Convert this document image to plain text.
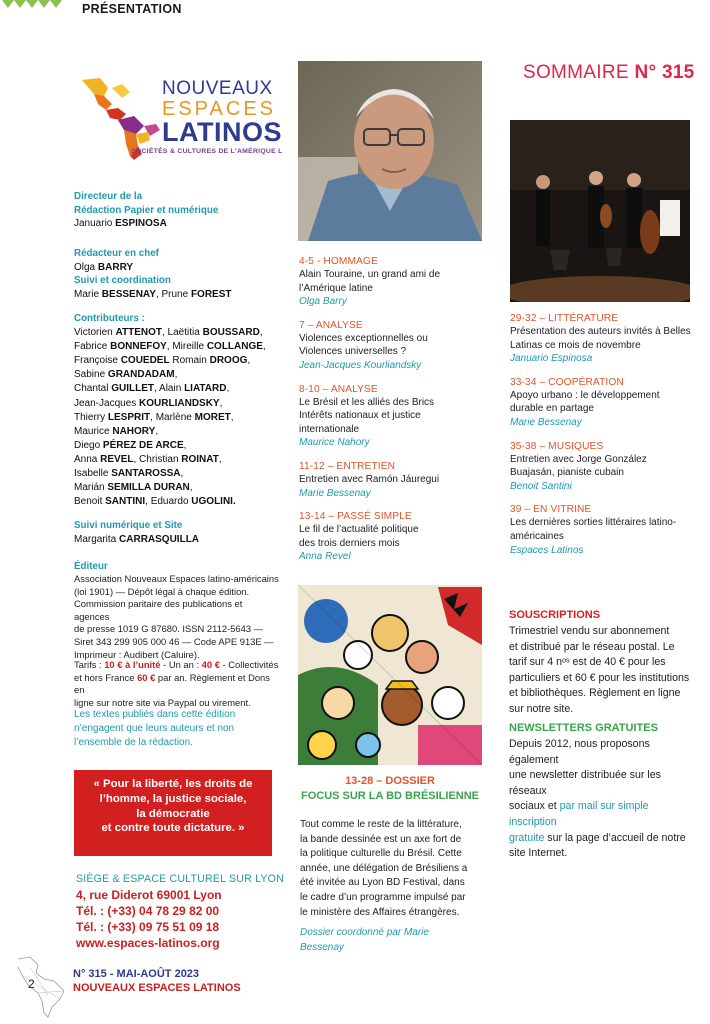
PRÉSENTATION
NOUVEAUX
ESPACES
LATINOS
SOCIÉTÉS & CULTURES DE L’AMÉRIQUE L
Directeur de la
Rédaction Papier et numérique
Januario ESPINOSA
Rédacteur en chef
Olga BARRY
Suivi et coordination
Marie BESSENAY, Prune FOREST
Contributeurs :
Victorien ATTENOT, Laëtitia BOUSSARD,
Fabrice BONNEFOY, Mireille COLLANGE,
Françoise COUEDEL Romain DROOG,
Sabine GRANDADAM,
Chantal GUILLET, Alain LIATARD,
Jean-Jacques KOURLIANDSKY,
Thierry LESPRIT, Marlène MORET,
Maurice NAHORY,
Diego PÉREZ DE ARCE,
Anna REVEL, Christian ROINAT,
Isabelle SANTAROSSA,
Marián SEMILLA DURAN,
Benoit SANTINI, Eduardo UGOLINI.
Suivi numérique et Site
Margarita CARRASQUILLA
Éditeur
Association Nouveaux Espaces latino-américains
(loi 1901) — Dépôt légal à chaque édition.
Commission paritaire des publications et agences
de presse 1019 G 87680. ISSN 2112-5643 —
Siret 343 299 905 000 46 — Code APE 913E —
Imprimeur : Audibert (Caluire).
Tarifs : 10 € à l’unité - Un an : 40 € - Collectivités
et hors France 60 € par an. Règlement et Dons en
ligne sur notre site via Paypal ou virement.
Les textes publiés dans cette édition
n’engagent que leurs auteurs et non
l’ensemble de la rédaction.
« Pour la liberté, les droits de
l’homme, la justice sociale,
la démocratie
et contre toute dictature. »
SIÈGE & ESPACE CULTUREL SUR LYON
4, rue Diderot 69001 Lyon
Tél. : (+33) 04 78 29 82 00
Tél. : (+33) 09 75 51 09 18
www.espaces-latinos.org
2
N° 315 - MAI-AOÛT 2023
NOUVEAUX ESPACES LATINOS
4-5 - HOMMAGE
Alain Touraine, un grand ami de
l’Amérique latine
Olga Barry
7 – ANALYSE
Violences exceptionnelles ou
Violences universelles ?
Jean-Jacques Kourliandsky
8-10 – ANALYSE
Le Brésil et les alliés des Brics
Intérêts nationaux et justice
internationale
Maurice Nahory
11-12 – ENTRETIEN
Entretien avec Ramón Jáuregui
Marie Bessenay
13-14 – PASSÉ SIMPLE
Le fil de l’actualité politique
des trois derniers mois
Anna Revel
13-28 – DOSSIER
FOCUS SUR LA BD BRÉSILIENNE
Tout comme le reste de la littérature,
la bande dessinée est un axe fort de
la politique culturelle du Brésil. Cette
année, une délégation de Brésiliens a
été invitée au Lyon BD Festival, dans
le cadre d’un programme impulsé par
le ministère des Affaires étrangères.
Dossier coordonné par Marie
Bessenay
SOMMAIRE N° 315
29-32 – LITTÉRATURE
Présentation des auteurs invités à Belles
Latinas ce mois de novembre
Januario Espinosa
33-34 – COOPÉRATION
Apoyo urbano : le développement
durable en partage
Marie Bessenay
35-38 – MUSIQUES
Entretien avec Jorge González
Buajasán, pianiste cubain
Benoit Santini
39 – EN VITRINE
Les dernières sorties littéraires latino-
américaines
Espaces Latinos
SOUSCRIPTIONS
Trimestriel vendu sur abonnement
et distribué par le réseau postal. Le
tarif sur 4 nᵒˢ est de 40 € pour les
particuliers et 60 € pour les institutions
et bibliothèques. Règlement en ligne
sur notre site.
NEWSLETTERS GRATUITES
Depuis 2012, nous proposons également
une newsletter distribuée sur les réseaux
sociaux et par mail sur simple inscription
gratuite sur la page d’accueil de notre
site Internet.
